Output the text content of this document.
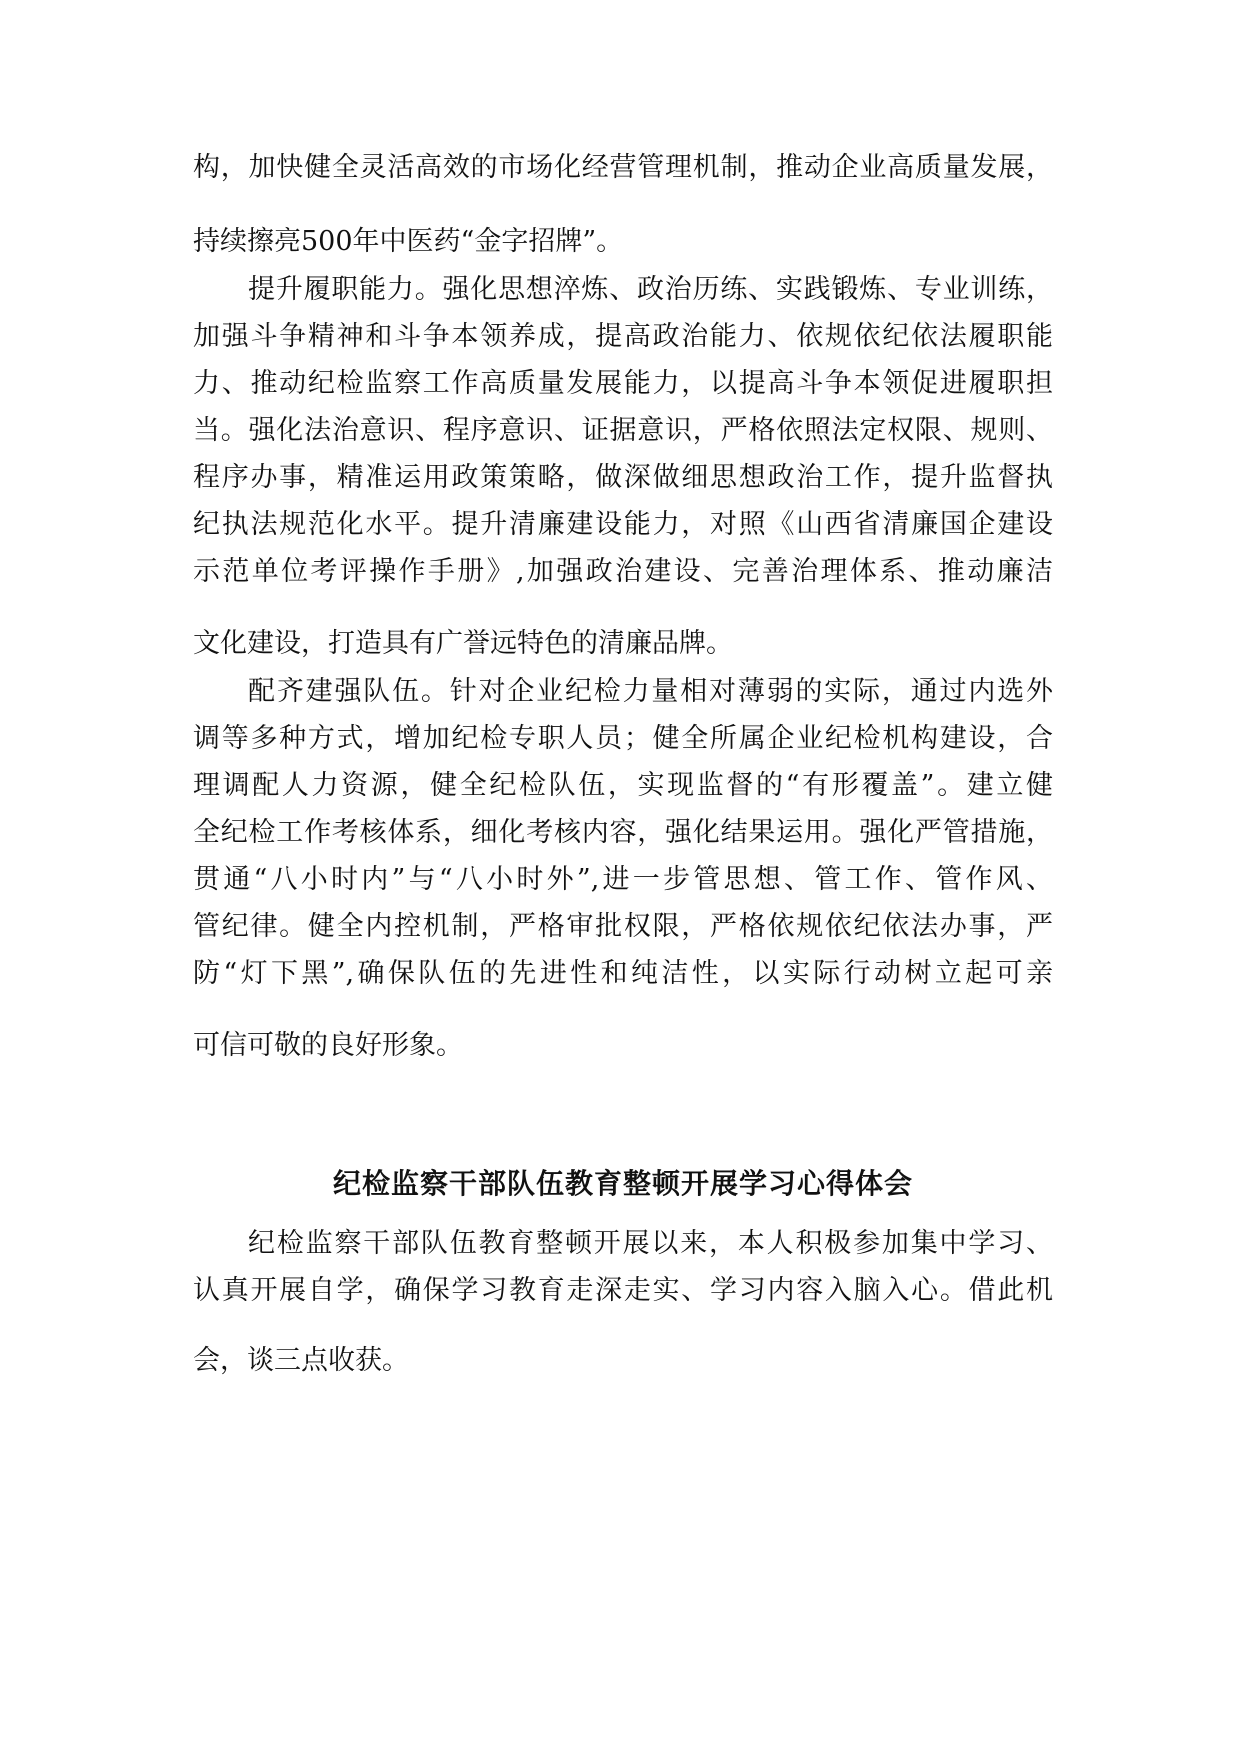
构，加快健全灵活高效的市场化经营管理机制，推动企业高质量发展，
持续擦亮500年中医药“金字招牌”。
提升履职能力。强化思想淬炼、政治历练、实践锻炼、专业训练，
加强斗争精神和斗争本领养成，提高政治能力、依规依纪依法履职能
力、推动纪检监察工作高质量发展能力，以提高斗争本领促进履职担
当。强化法治意识、程序意识、证据意识，严格依照法定权限、规则、
程序办事，精准运用政策策略，做深做细思想政治工作，提升监督执
纪执法规范化水平。提升清廉建设能力，对照《山西省清廉国企建设
示范单位考评操作手册》,加强政治建设、完善治理体系、推动廉洁
文化建设，打造具有广誉远特色的清廉品牌。
配齐建强队伍。针对企业纪检力量相对薄弱的实际，通过内选外
调等多种方式，增加纪检专职人员；健全所属企业纪检机构建设，合
理调配人力资源，健全纪检队伍，实现监督的“有形覆盖”。建立健
全纪检工作考核体系，细化考核内容，强化结果运用。强化严管措施，
贯通“八小时内”与“八小时外”,进一步管思想、管工作、管作风、
管纪律。健全内控机制，严格审批权限，严格依规依纪依法办事，严
防“灯下黑”,确保队伍的先进性和纯洁性，以实际行动树立起可亲
可信可敬的良好形象。
纪检监察干部队伍教育整顿开展学习心得体会
纪检监察干部队伍教育整顿开展以来，本人积极参加集中学习、
认真开展自学，确保学习教育走深走实、学习内容入脑入心。借此机
会，谈三点收获。
